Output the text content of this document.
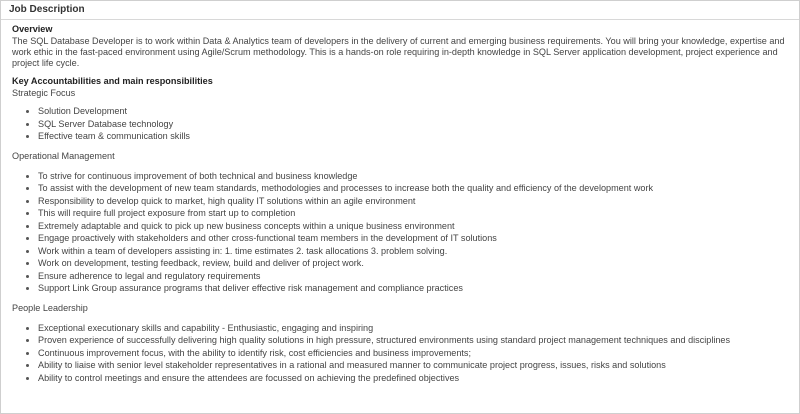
Job Description
Overview
The SQL Database Developer is to work within Data & Analytics team of developers in the delivery of current and emerging business requirements. You will bring your knowledge, expertise and
work ethic in the fast-paced environment using Agile/Scrum methodology. This is a hands-on role requiring in-depth knowledge in SQL Server application development, project experience and
project life cycle.
Key Accountabilities and main responsibilities
Strategic Focus
Solution Development
SQL Server Database technology
Effective team & communication skills
Operational Management
To strive for continuous improvement of both technical and business knowledge
To assist with the development of new team standards, methodologies and processes to increase both the quality and efficiency of the development work
Responsibility to develop quick to market, high quality IT solutions within an agile environment
This will require full project exposure from start up to completion
Extremely adaptable and quick to pick up new business concepts within a unique business environment
Engage proactively with stakeholders and other cross-functional team members in the development of IT solutions
Work within a team of developers assisting in: 1. time estimates 2. task allocations 3. problem solving.
Work on development, testing feedback, review, build and deliver of project work.
Ensure adherence to legal and regulatory requirements
Support Link Group assurance programs that deliver effective risk management and compliance practices
People Leadership
Exceptional executionary skills and capability - Enthusiastic, engaging and inspiring
Proven experience of successfully delivering high quality solutions in high pressure, structured environments using standard project management techniques and disciplines
Continuous improvement focus, with the ability to identify risk, cost efficiencies and business improvements;
Ability to liaise with senior level stakeholder representatives in a rational and measured manner to communicate project progress, issues, risks and solutions
Ability to control meetings and ensure the attendees are focussed on achieving the predefined objectives
